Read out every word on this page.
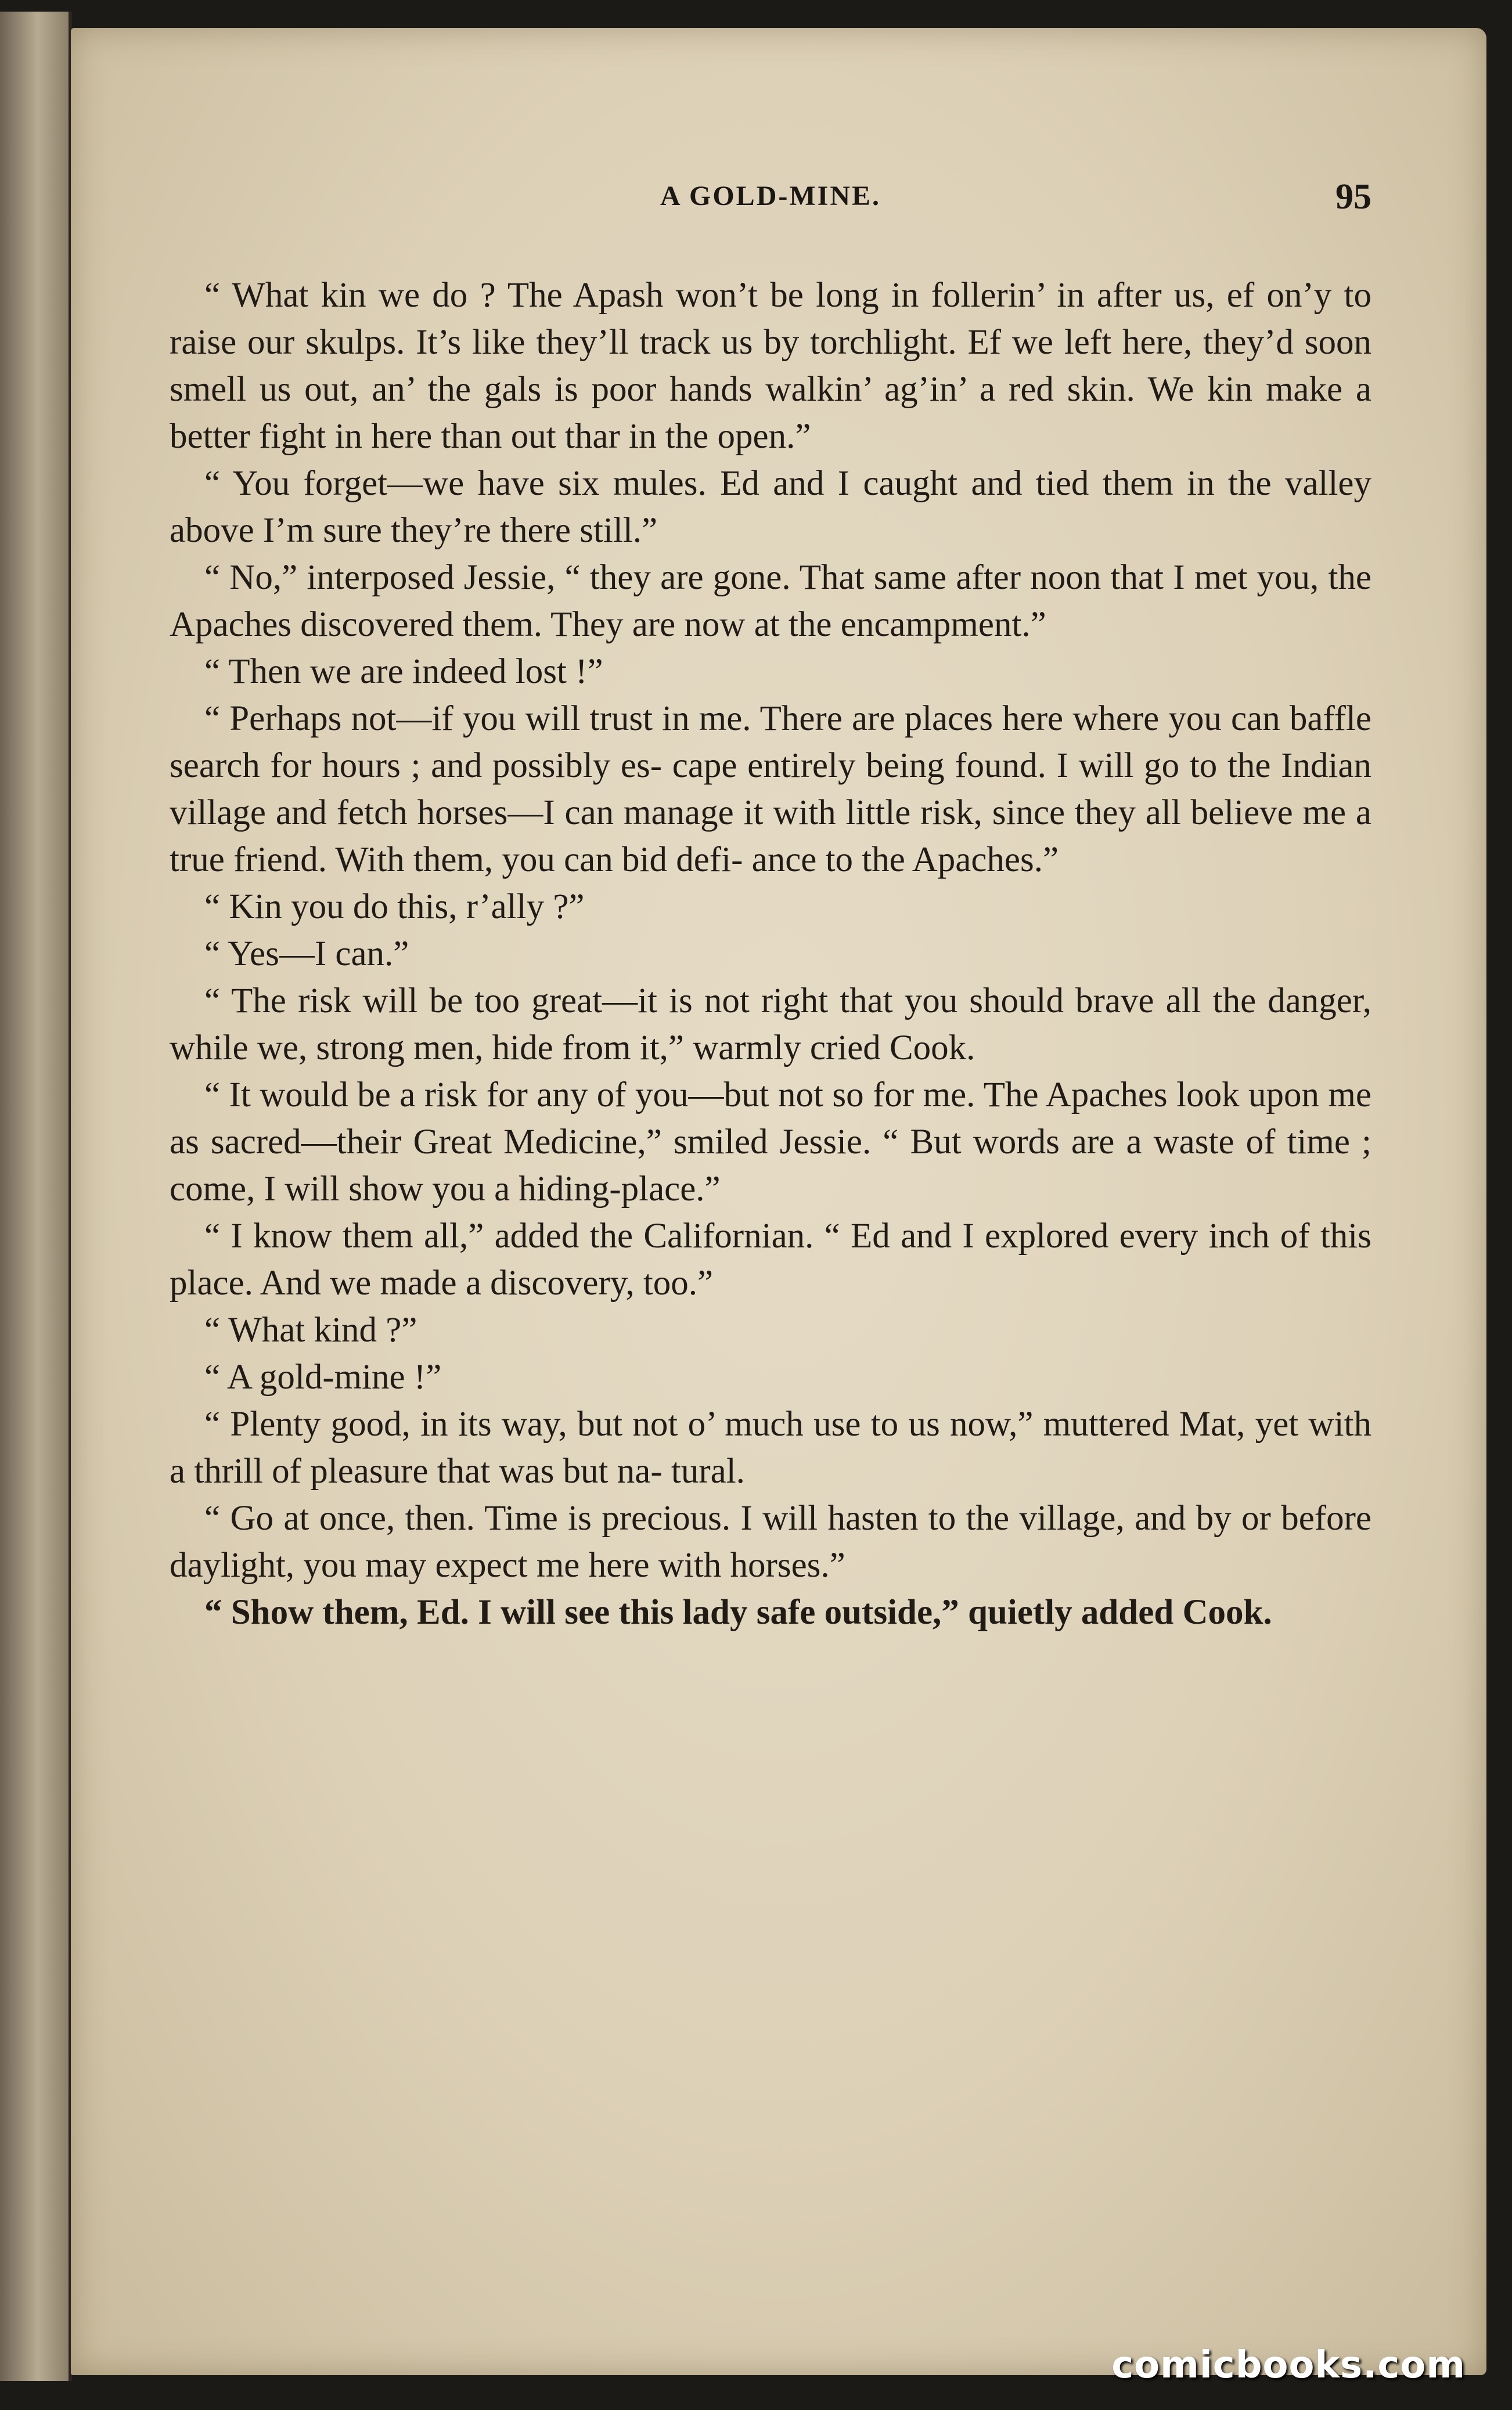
A GOLD-MINE.	95

“ What kin we do ? The Apash won’t be long in follerin’ in after us, ef on’y to raise our skulps. It’s like they’ll track us by torchlight. Ef we left here, they’d soon smell us out, an’ the gals is poor hands walkin’ ag’in’ a red skin. We kin make a better fight in here than out thar in the open.”

“ You forget—we have six mules. Ed and I caught and tied them in the valley above I’m sure they’re there still.”

“ No,” interposed Jessie, “ they are gone. That same after noon that I met you, the Apaches discovered them. They are now at the encampment.”

“ Then we are indeed lost !”

“ Perhaps not—if you will trust in me. There are places here where you can baffle search for hours ; and possibly es- cape entirely being found. I will go to the Indian village and fetch horses—I can manage it with little risk, since they all believe me a true friend. With them, you can bid defi- ance to the Apaches.”

“ Kin you do this, r’ally ?”

“ Yes—I can.”

“ The risk will be too great—it is not right that you should brave all the danger, while we, strong men, hide from it,” warmly cried Cook.

“ It would be a risk for any of you—but not so for me. The Apaches look upon me as sacred—their Great Medicine,” smiled Jessie. “ But words are a waste of time ; come, I will show you a hiding-place.”

“ I know them all,” added the Californian. “ Ed and I explored every inch of this place. And we made a discovery, too.”

“ What kind ?”

“ A gold-mine !”

“ Plenty good, in its way, but not o’ much use to us now,” muttered Mat, yet with a thrill of pleasure that was but na- tural.

“ Go at once, then. Time is precious. I will hasten to the village, and by or before daylight, you may expect me here with horses.”

“ Show them, Ed. I will see this lady safe outside,” quietly added Cook.

comicbooks.com
